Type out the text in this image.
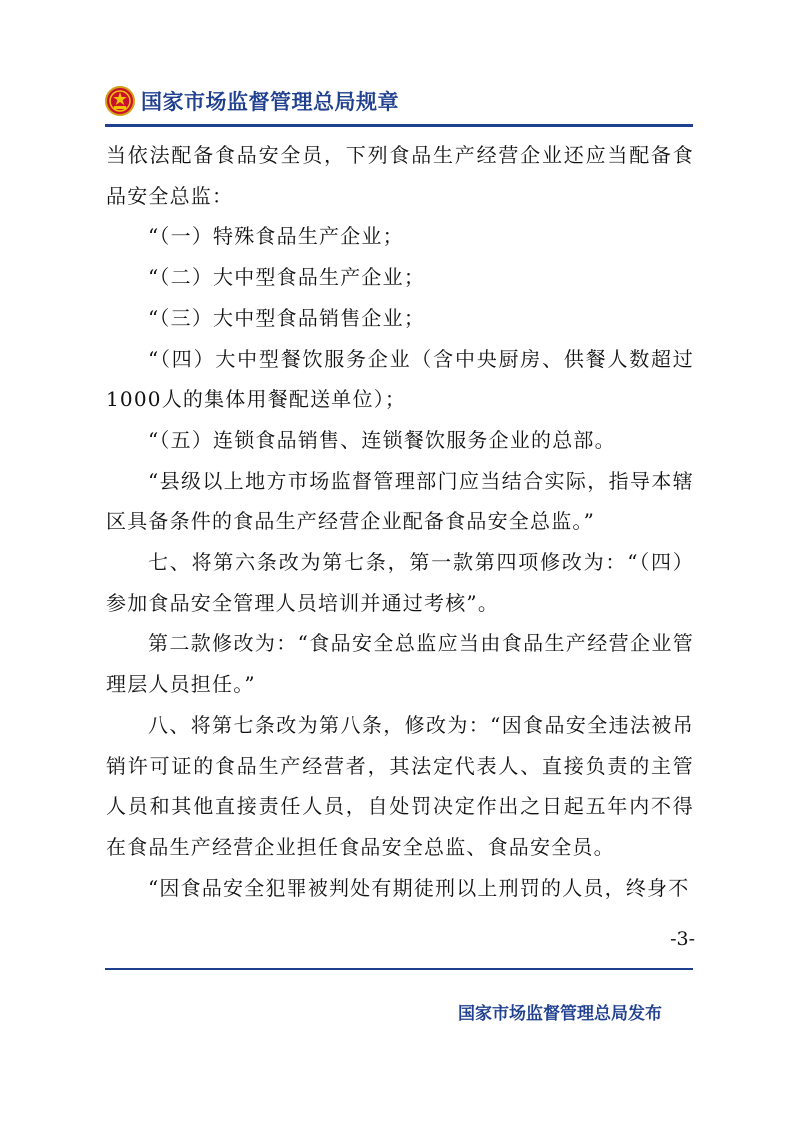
国家市场监督管理总局规章

当依法配备食品安全员，下列食品生产经营企业还应当配备食品安全总监：

“（一）特殊食品生产企业；

“（二）大中型食品生产企业；

“（三）大中型食品销售企业；

“（四）大中型餐饮服务企业（含中央厨房、供餐人数超过1000人的集体用餐配送单位）；

“（五）连锁食品销售、连锁餐饮服务企业的总部。

“县级以上地方市场监督管理部门应当结合实际，指导本辖区具备条件的食品生产经营企业配备食品安全总监。”

七、将第六条改为第七条，第一款第四项修改为：“（四）参加食品安全管理人员培训并通过考核”。

第二款修改为：“食品安全总监应当由食品生产经营企业管理层人员担任。”

八、将第七条改为第八条，修改为：“因食品安全违法被吊销许可证的食品生产经营者，其法定代表人、直接负责的主管人员和其他直接责任人员，自处罚决定作出之日起五年内不得在食品生产经营企业担任食品安全总监、食品安全员。

“因食品安全犯罪被判处有期徒刑以上刑罚的人员，终身不

-3-
国家市场监督管理总局发布
